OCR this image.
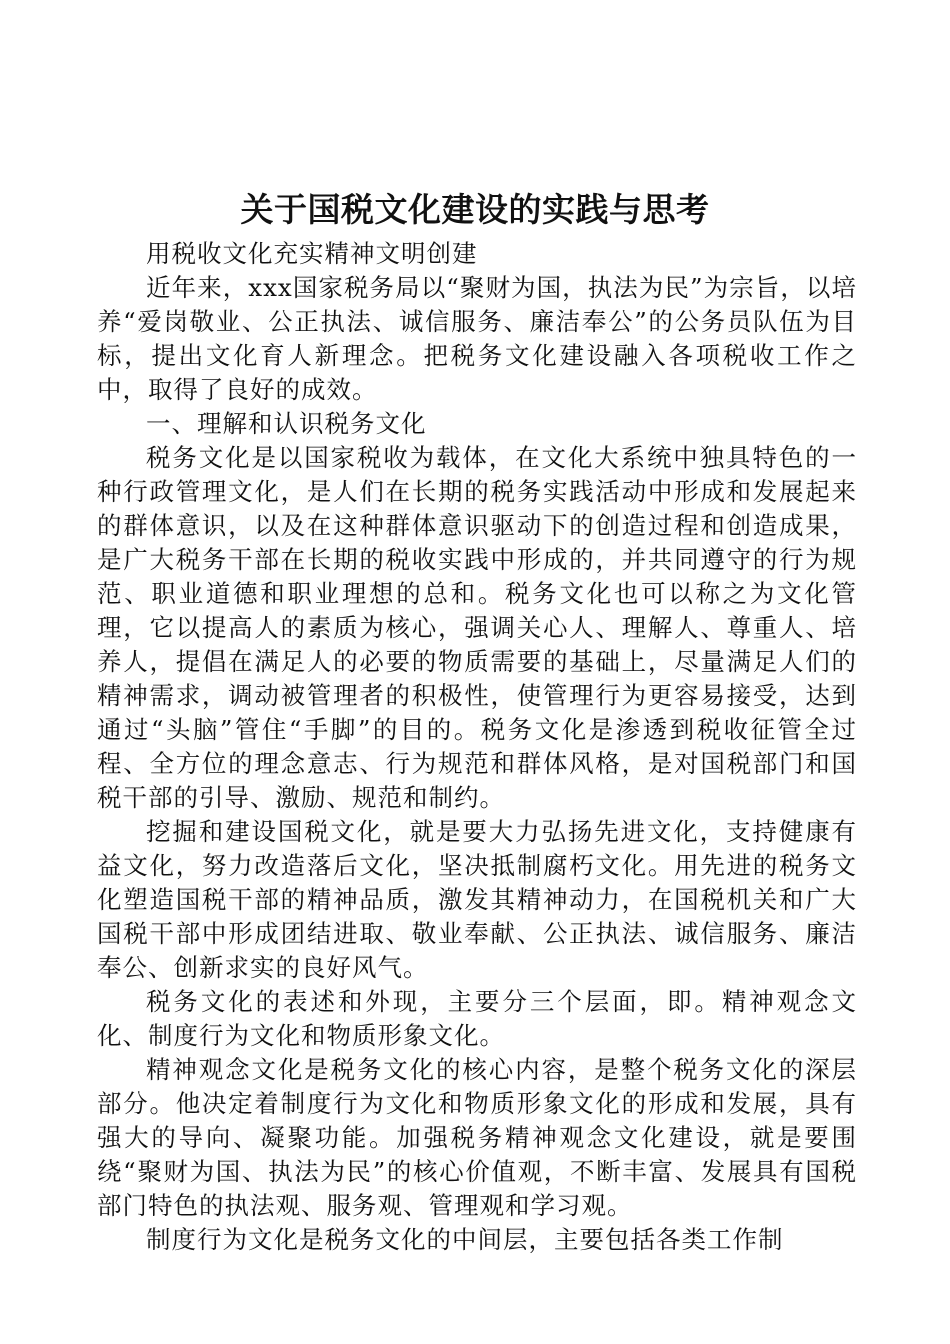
关于国税文化建设的实践与思考

用税收文化充实精神文明创建

近年来，xxx国家税务局以“聚财为国，执法为民”为宗旨，以培养“爱岗敬业、公正执法、诚信服务、廉洁奉公”的公务员队伍为目标，提出文化育人新理念。把税务文化建设融入各项税收工作之中，取得了良好的成效。

一、理解和认识税务文化

税务文化是以国家税收为载体，在文化大系统中独具特色的一种行政管理文化，是人们在长期的税务实践活动中形成和发展起来的群体意识，以及在这种群体意识驱动下的创造过程和创造成果，是广大税务干部在长期的税收实践中形成的，并共同遵守的行为规范、职业道德和职业理想的总和。税务文化也可以称之为文化管理，它以提高人的素质为核心，强调关心人、理解人、尊重人、培养人，提倡在满足人的必要的物质需要的基础上，尽量满足人们的精神需求，调动被管理者的积极性，使管理行为更容易接受，达到通过“头脑”管住“手脚”的目的。税务文化是渗透到税收征管全过程、全方位的理念意志、行为规范和群体风格，是对国税部门和国税干部的引导、激励、规范和制约。

挖掘和建设国税文化，就是要大力弘扬先进文化，支持健康有益文化，努力改造落后文化，坚决抵制腐朽文化。用先进的税务文化塑造国税干部的精神品质，激发其精神动力，在国税机关和广大国税干部中形成团结进取、敬业奉献、公正执法、诚信服务、廉洁奉公、创新求实的良好风气。

税务文化的表述和外现，主要分三个层面，即。精神观念文化、制度行为文化和物质形象文化。

精神观念文化是税务文化的核心内容，是整个税务文化的深层部分。他决定着制度行为文化和物质形象文化的形成和发展，具有强大的导向、凝聚功能。加强税务精神观念文化建设，就是要围绕“聚财为国、执法为民”的核心价值观，不断丰富、发展具有国税部门特色的执法观、服务观、管理观和学习观。

制度行为文化是税务文化的中间层，主要包括各类工作制
